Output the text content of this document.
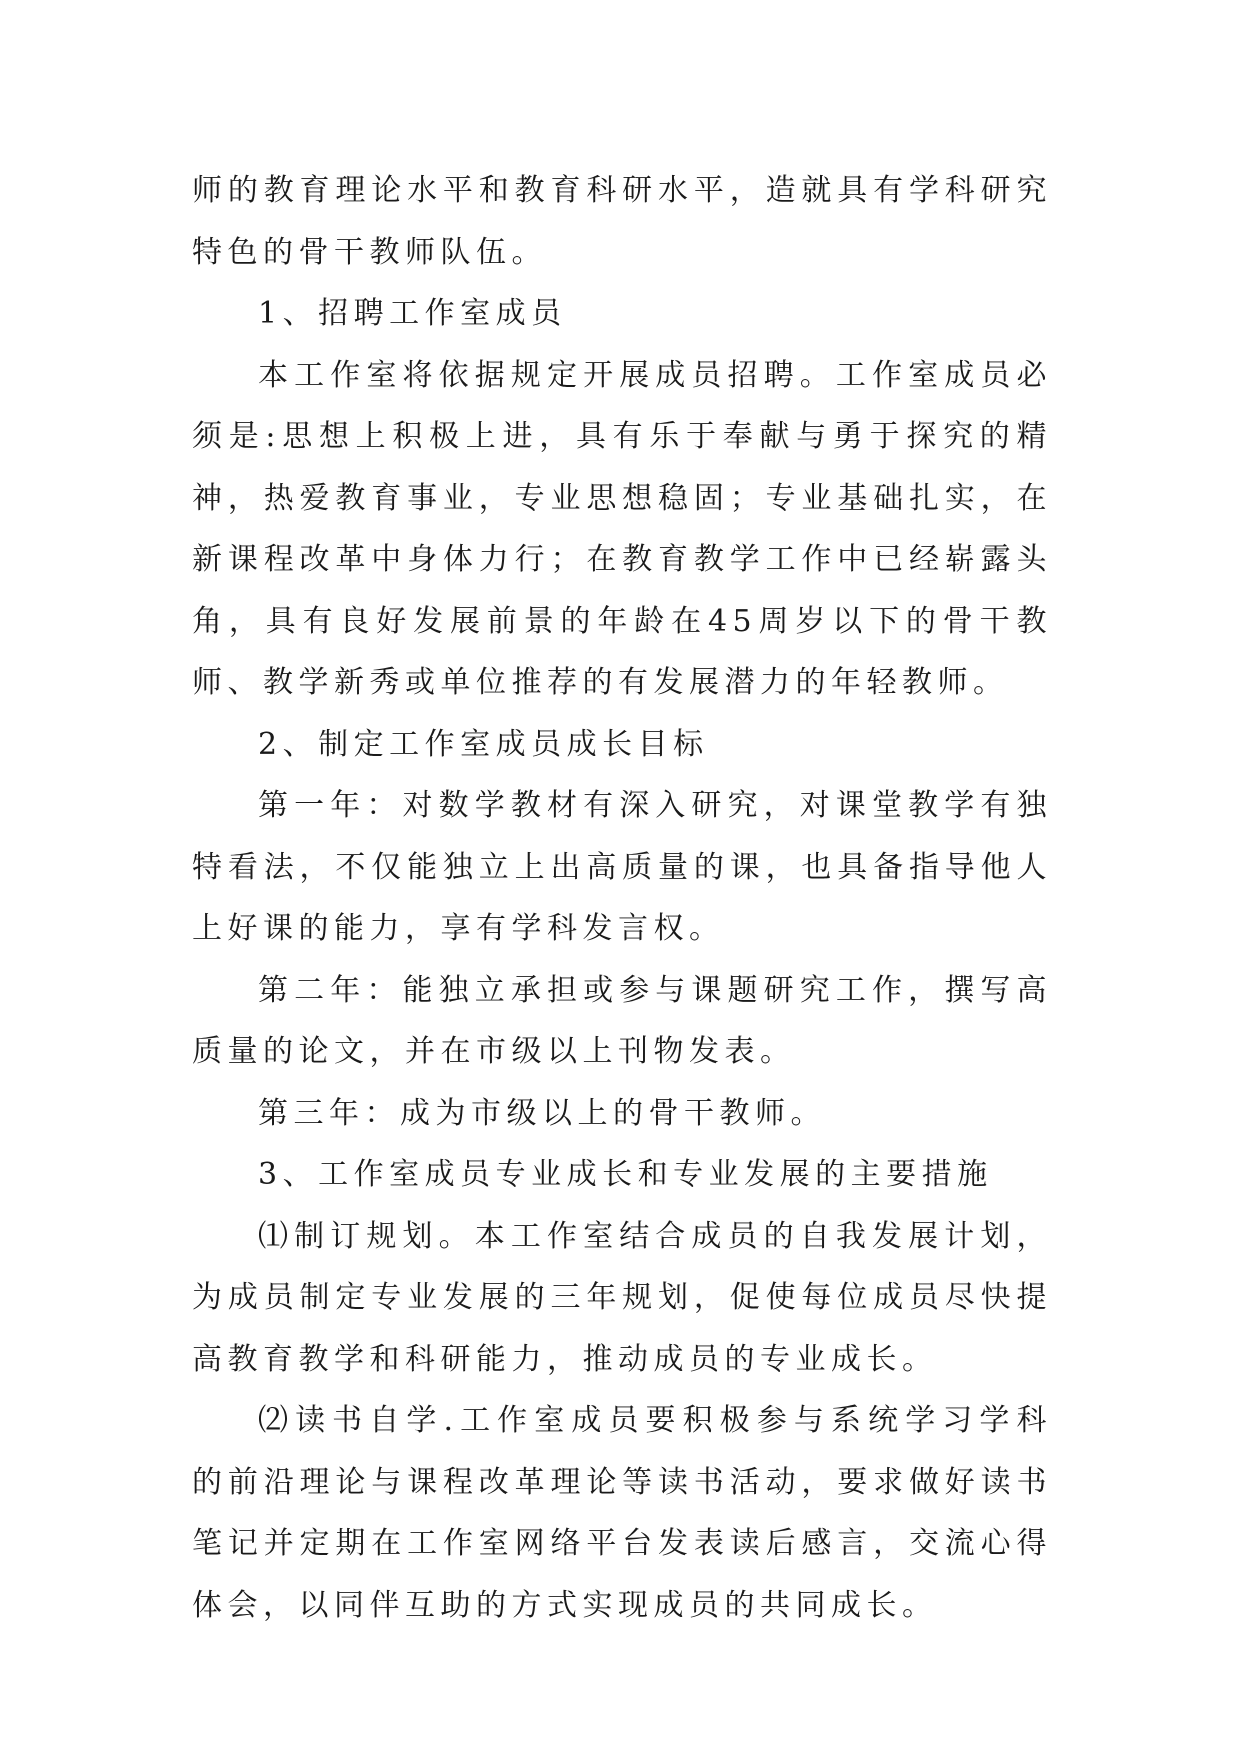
师的教育理论水平和教育科研水平，造就具有学科研究特色的骨干教师队伍。

1、招聘工作室成员

本工作室将依据规定开展成员招聘。工作室成员必须是:思想上积极上进，具有乐于奉献与勇于探究的精神，热爱教育事业，专业思想稳固；专业基础扎实，在新课程改革中身体力行；在教育教学工作中已经崭露头角，具有良好发展前景的年龄在45周岁以下的骨干教师、教学新秀或单位推荐的有发展潜力的年轻教师。

2、制定工作室成员成长目标

第一年：对数学教材有深入研究，对课堂教学有独特看法，不仅能独立上出高质量的课，也具备指导他人上好课的能力，享有学科发言权。

第二年：能独立承担或参与课题研究工作，撰写高质量的论文，并在市级以上刊物发表。

第三年：成为市级以上的骨干教师。

3、工作室成员专业成长和专业发展的主要措施

⑴制订规划。本工作室结合成员的自我发展计划，为成员制定专业发展的三年规划，促使每位成员尽快提高教育教学和科研能力，推动成员的专业成长。

⑵读书自学.工作室成员要积极参与系统学习学科的前沿理论与课程改革理论等读书活动，要求做好读书笔记并定期在工作室网络平台发表读后感言，交流心得体会，以同伴互助的方式实现成员的共同成长。
